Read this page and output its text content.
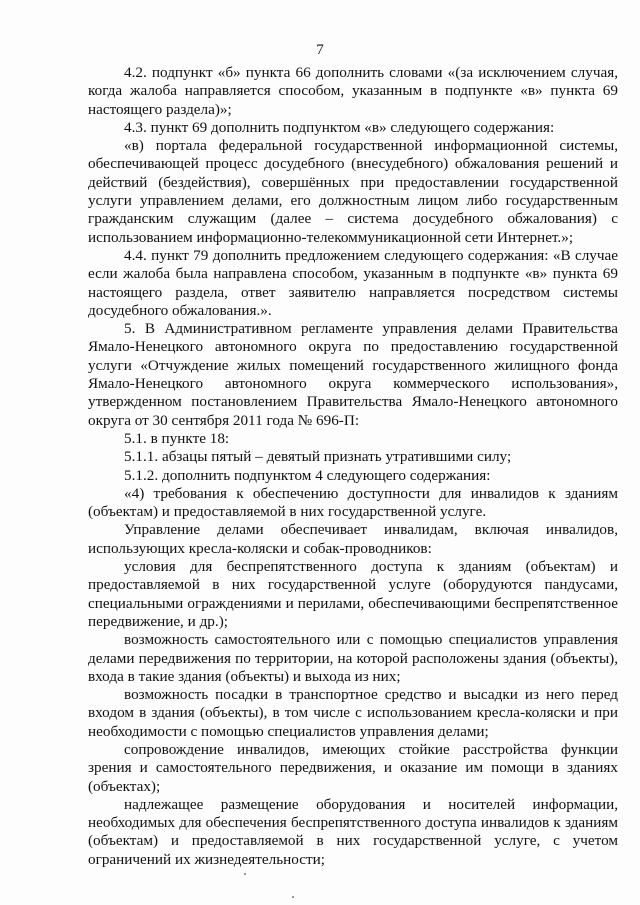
7

4.2. подпункт «б» пункта 66 дополнить словами «(за исключением случая, когда жалоба направляется способом, указанным в подпункте «в» пункта 69 настоящего раздела)»;

4.3. пункт 69 дополнить подпунктом «в» следующего содержания:

«в) портала федеральной государственной информационной системы, обеспечивающей процесс досудебного (внесудебного) обжалования решений и действий (бездействия), совершённых при предоставлении государственной услуги управлением делами, его должностным лицом либо государственным гражданским служащим (далее – система досудебного обжалования) с использованием информационно-телекоммуникационной сети Интернет.»;

4.4. пункт 79 дополнить предложением следующего содержания: «В случае если жалоба была направлена способом, указанным в подпункте «в» пункта 69 настоящего раздела, ответ заявителю направляется посредством системы досудебного обжалования.».

5. В Административном регламенте управления делами Правительства Ямало-Ненецкого автономного округа по предоставлению государственной услуги «Отчуждение жилых помещений государственного жилищного фонда Ямало-Ненецкого автономного округа коммерческого использования», утвержденном постановлением Правительства Ямало-Ненецкого автономного округа от 30 сентября 2011 года № 696-П:

5.1. в пункте 18:

5.1.1. абзацы пятый – девятый признать утратившими силу;

5.1.2. дополнить подпунктом 4 следующего содержания:

«4) требования к обеспечению доступности для инвалидов к зданиям (объектам) и предоставляемой в них государственной услуге.

Управление делами обеспечивает инвалидам, включая инвалидов, использующих кресла-коляски и собак-проводников:

условия для беспрепятственного доступа к зданиям (объектам) и предоставляемой в них государственной услуге (оборудуются пандусами, специальными ограждениями и перилами, обеспечивающими беспрепятственное передвижение, и др.);

возможность самостоятельного или с помощью специалистов управления делами передвижения по территории, на которой расположены здания (объекты), входа в такие здания (объекты) и выхода из них;

возможность посадки в транспортное средство и высадки из него перед входом в здания (объекты), в том числе с использованием кресла-коляски и при необходимости с помощью специалистов управления делами;

сопровождение инвалидов, имеющих стойкие расстройства функции зрения и самостоятельного передвижения, и оказание им помощи в зданиях (объектах);

надлежащее размещение оборудования и носителей информации, необходимых для обеспечения беспрепятственного доступа инвалидов к зданиям (объектам) и предоставляемой в них государственной услуге, с учетом ограничений их жизнедеятельности;
